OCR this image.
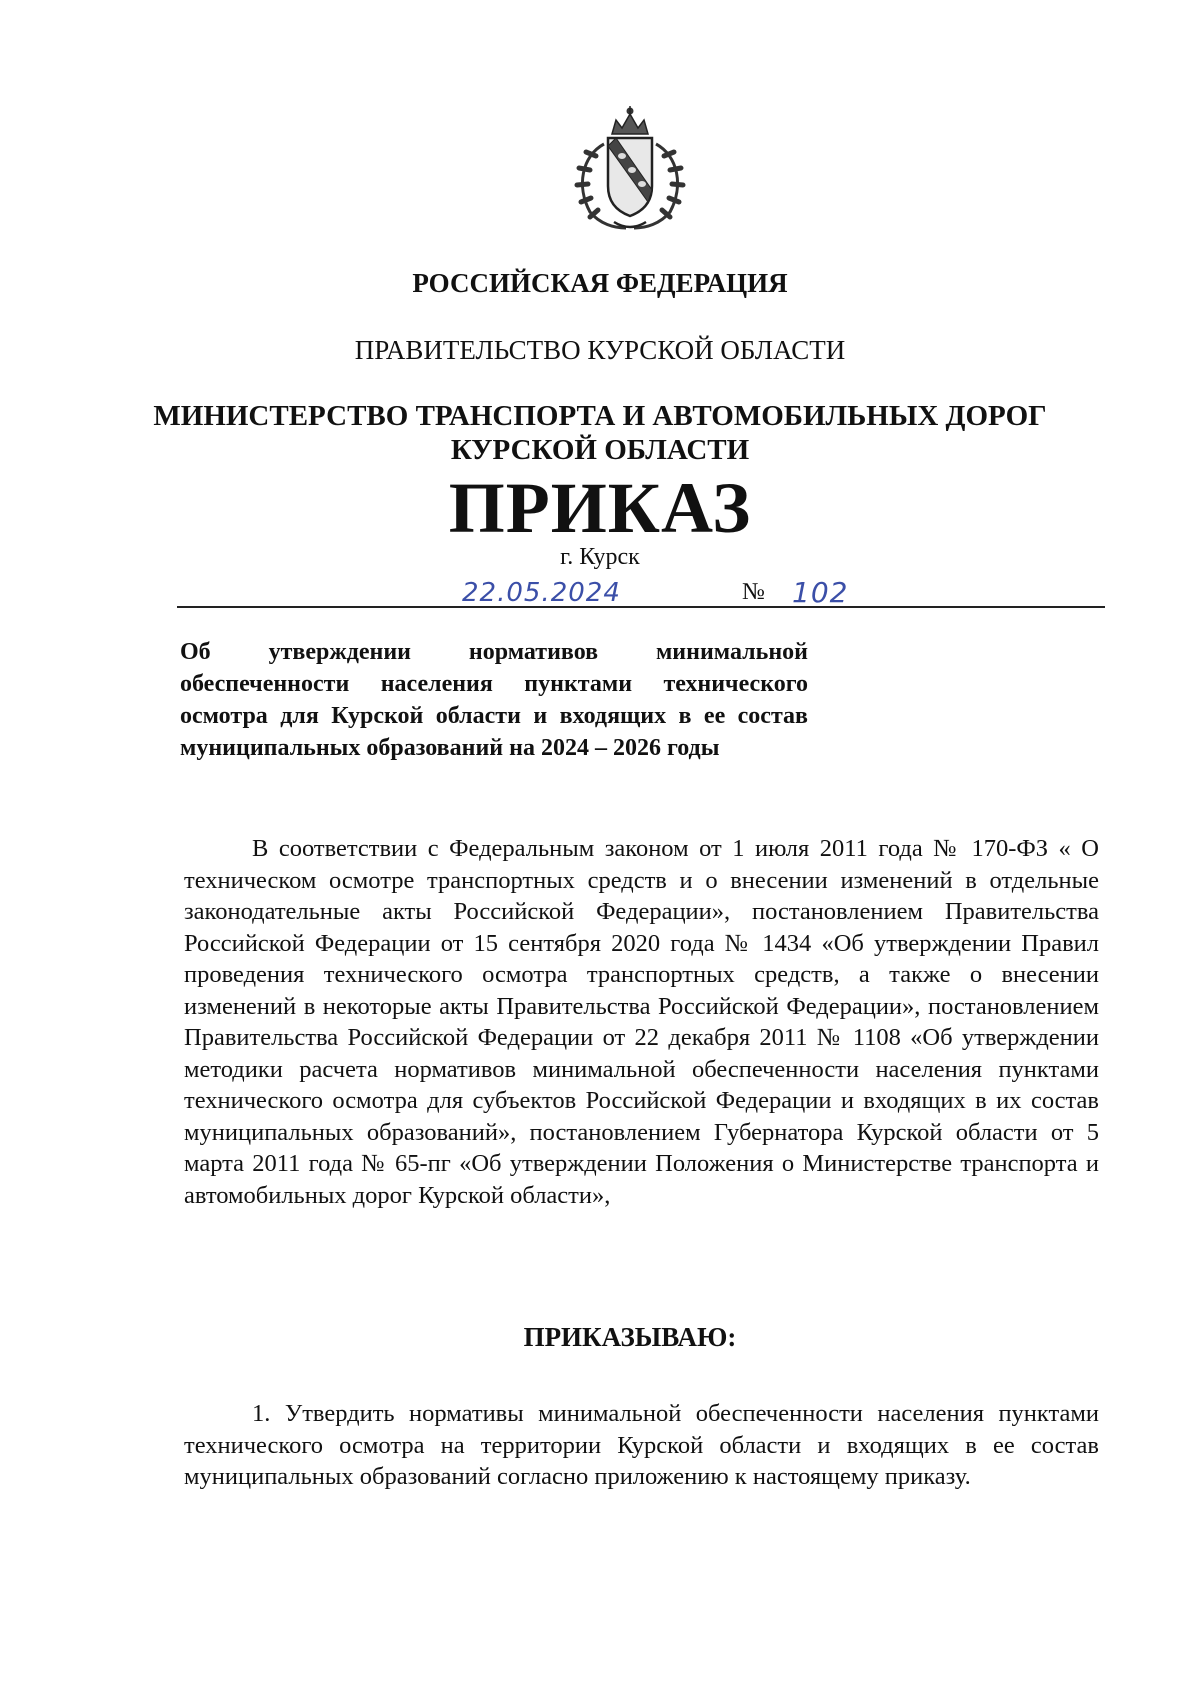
РОССИЙСКАЯ ФЕДЕРАЦИЯ
ПРАВИТЕЛЬСТВО КУРСКОЙ ОБЛАСТИ
МИНИСТЕРСТВО ТРАНСПОРТА И АВТОМОБИЛЬНЫХ ДОРОГ
КУРСКОЙ ОБЛАСТИ
ПРИКАЗ
г. Курск
22.05.2024	№ 102
Об утверждении нормативов минимальной обеспеченности населения пунктами технического осмотра для Курской области и входящих в ее состав муниципальных образований на 2024 – 2026 годы
В соответствии с Федеральным законом от 1 июля 2011 года № 170-ФЗ « О техническом осмотре транспортных средств и о внесении изменений в отдельные законодательные акты Российской Федерации», постановлением Правительства Российской Федерации от 15 сентября 2020 года № 1434 «Об утверждении Правил проведения технического осмотра транспортных средств, а также о внесении изменений в некоторые акты Правительства Российской Федерации», постановлением Правительства Российской Федерации от 22 декабря 2011 № 1108 «Об утверждении методики расчета нормативов минимальной обеспеченности населения пунктами технического осмотра для субъектов Российской Федерации и входящих в их состав муниципальных образований», постановлением Губернатора Курской области от 5 марта 2011 года № 65-пг «Об утверждении Положения о Министерстве транспорта и автомобильных дорог Курской области»,
ПРИКАЗЫВАЮ:
1. Утвердить нормативы минимальной обеспеченности населения пунктами технического осмотра на территории Курской области и входящих в ее состав муниципальных образований согласно приложению к настоящему приказу.
